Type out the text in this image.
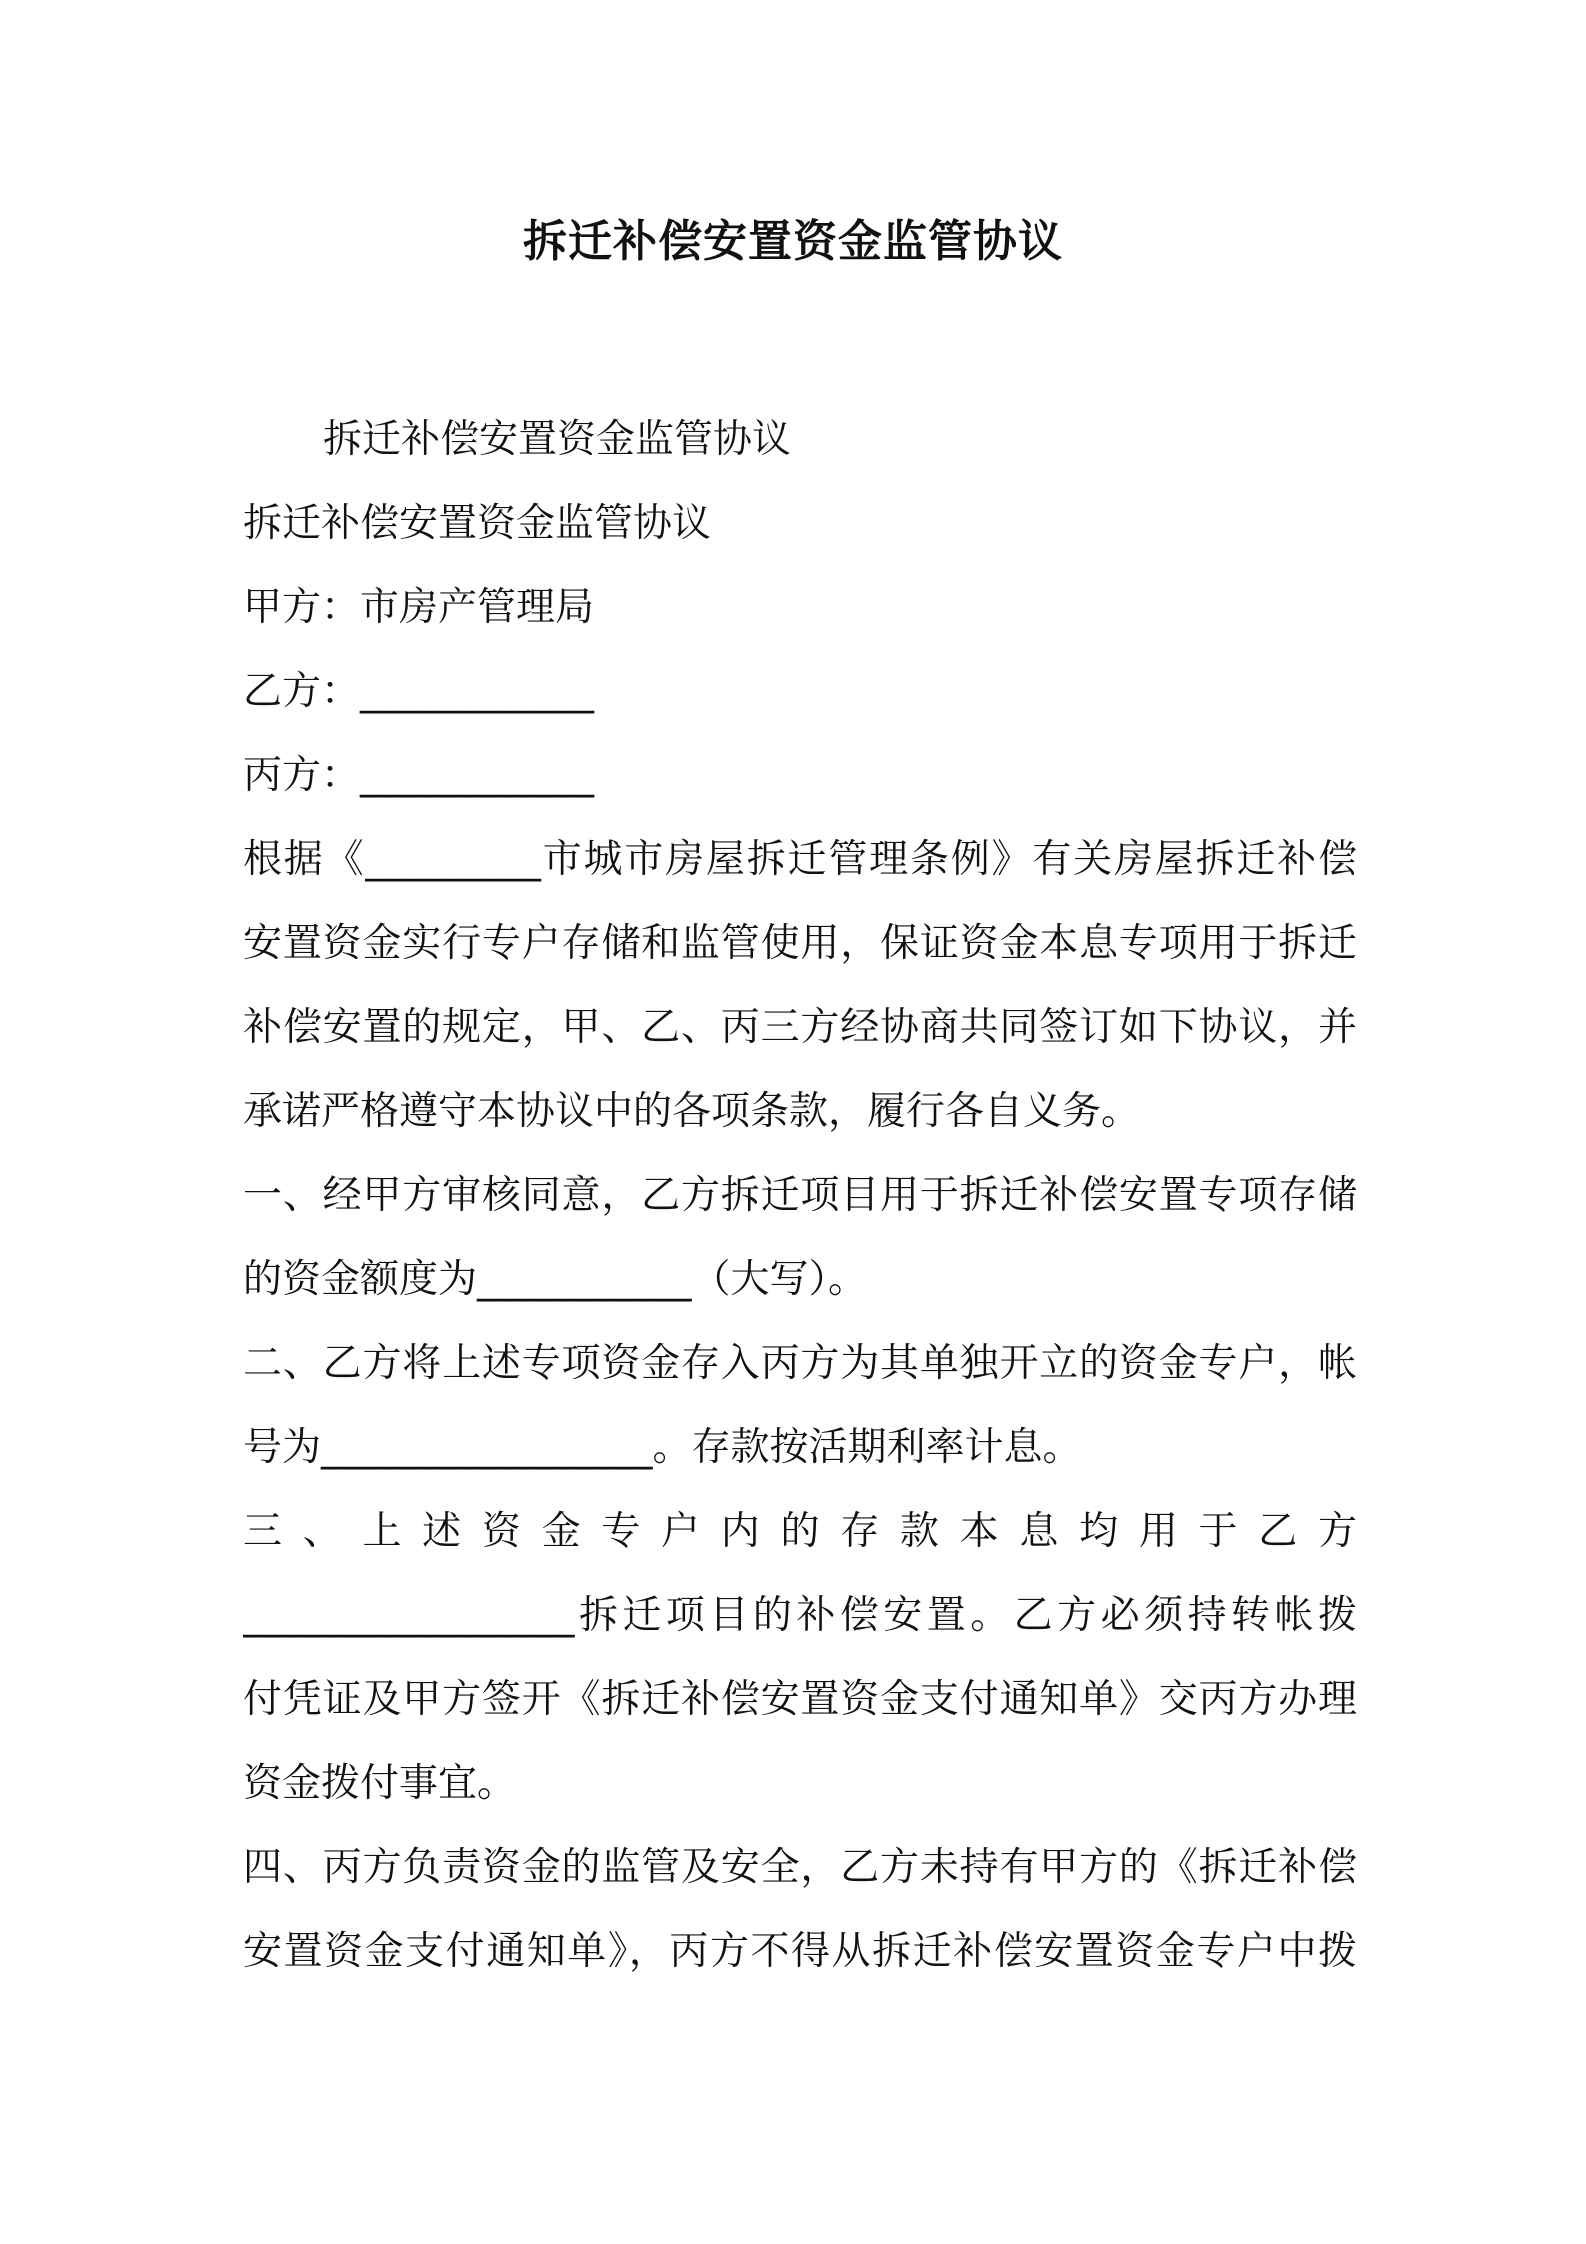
拆迁补偿安置资金监管协议
拆迁补偿安置资金监管协议
拆迁补偿安置资金监管协议
甲方：市房产管理局
乙方：____________
丙方：____________
根据《_________市城市房屋拆迁管理条例》有关房屋拆迁补偿
安置资金实行专户存储和监管使用，保证资金本息专项用于拆迁
补偿安置的规定，甲、乙、丙三方经协商共同签订如下协议，并
承诺严格遵守本协议中的各项条款，履行各自义务。
一、经甲方审核同意，乙方拆迁项目用于拆迁补偿安置专项存储
的资金额度为___________（大写）。
二、乙方将上述专项资金存入丙方为其单独开立的资金专户，帐
号为_________________。存款按活期利率计息。
三、上述资金专户内的存款本息均用于乙方
_________________拆迁项目的补偿安置。乙方必须持转帐拨
付凭证及甲方签开《拆迁补偿安置资金支付通知单》交丙方办理
资金拨付事宜。
四、丙方负责资金的监管及安全，乙方未持有甲方的《拆迁补偿
安置资金支付通知单》，丙方不得从拆迁补偿安置资金专户中拨
